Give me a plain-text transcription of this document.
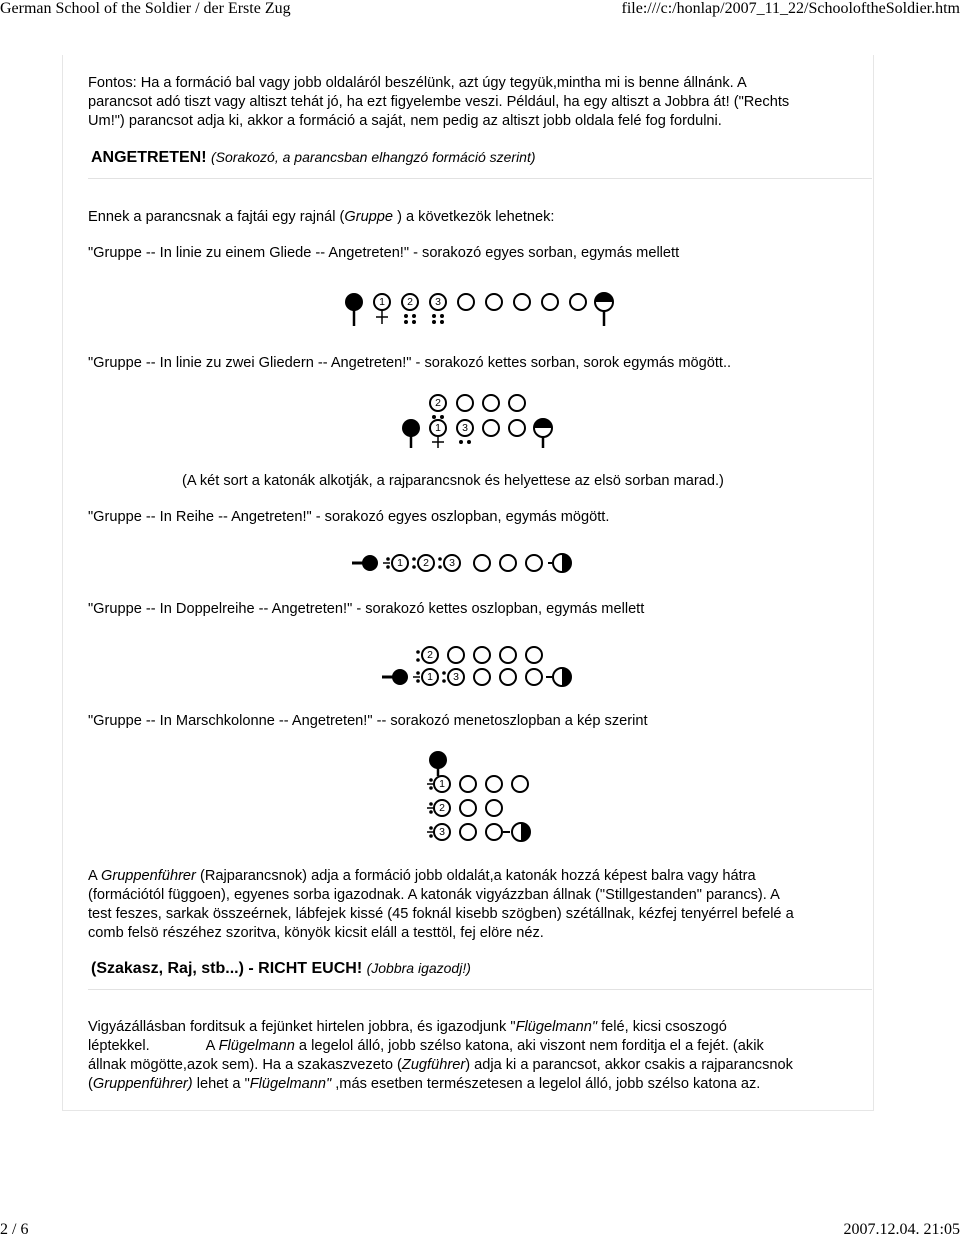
German School of the Soldier / der Erste Zug	file:///c:/honlap/2007_11_22/SchooloftheSoldier.htm
Fontos: Ha a formáció bal vagy jobb oldaláról beszélünk, azt úgy tegyük,mintha mi is benne állnánk. A
parancsot adó tiszt vagy altiszt tehát jó, ha ezt figyelembe veszi. Például, ha egy altiszt a Jobbra át! ("Rechts
Um!") parancsot adja ki, akkor a formáció a saját, nem pedig az altiszt jobb oldala felé fog fordulni.
ANGETRETEN! (Sorakozó, a parancsban elhangzó formáció szerint)
Ennek a parancsnak a fajtái egy rajnál (Gruppe ) a következök lehetnek:
"Gruppe -- In linie zu einem Gliede -- Angetreten!" - sorakozó egyes sorban, egymás mellett
1 2 3
"Gruppe -- In linie zu zwei Gliedern -- Angetreten!" - sorakozó kettes sorban, sorok egymás mögött..
2
1 3
(A két sort a katonák alkotják, a rajparancsnok és helyettese az elsö sorban marad.)
"Gruppe -- In Reihe -- Angetreten!" - sorakozó egyes oszlopban, egymás mögött.
1 2 3
"Gruppe -- In Doppelreihe -- Angetreten!" - sorakozó kettes oszlopban, egymás mellett
2
1 3
"Gruppe -- In Marschkolonne -- Angetreten!" -- sorakozó menetoszlopban a kép szerint
1
2
3
A Gruppenführer (Rajparancsnok) adja a formáció jobb oldalát,a katonák hozzá képest balra vagy hátra
(formációtól függoen), egyenes sorba igazodnak. A katonák vigyázzban állnak ("Stillgestanden" parancs). A
test feszes, sarkak összeérnek, lábfejek kissé (45 foknál kisebb szögben) szétállnak, kézfej tenyérrel befelé a
comb felsö részéhez szoritva, könyök kicsit eláll a testtöl, fej elöre néz.
(Szakasz, Raj, stb...) - RICHT EUCH! (Jobbra igazodj!)
Vigyázállásban forditsuk a fejünket hirtelen jobbra, és igazodjunk "Flügelmann" felé, kicsi csoszogó
léptekkel.              A Flügelmann a legelol álló, jobb szélso katona, aki viszont nem forditja el a fejét. (akik
állnak mögötte,azok sem). Ha a szakaszvezeto (Zugführer) adja ki a parancsot, akkor csakis a rajparancsnok
(Gruppenführer) lehet a "Flügelmann" ,más esetben természetesen a legelol álló, jobb szélso katona az.
2 / 6	2007.12.04. 21:05
